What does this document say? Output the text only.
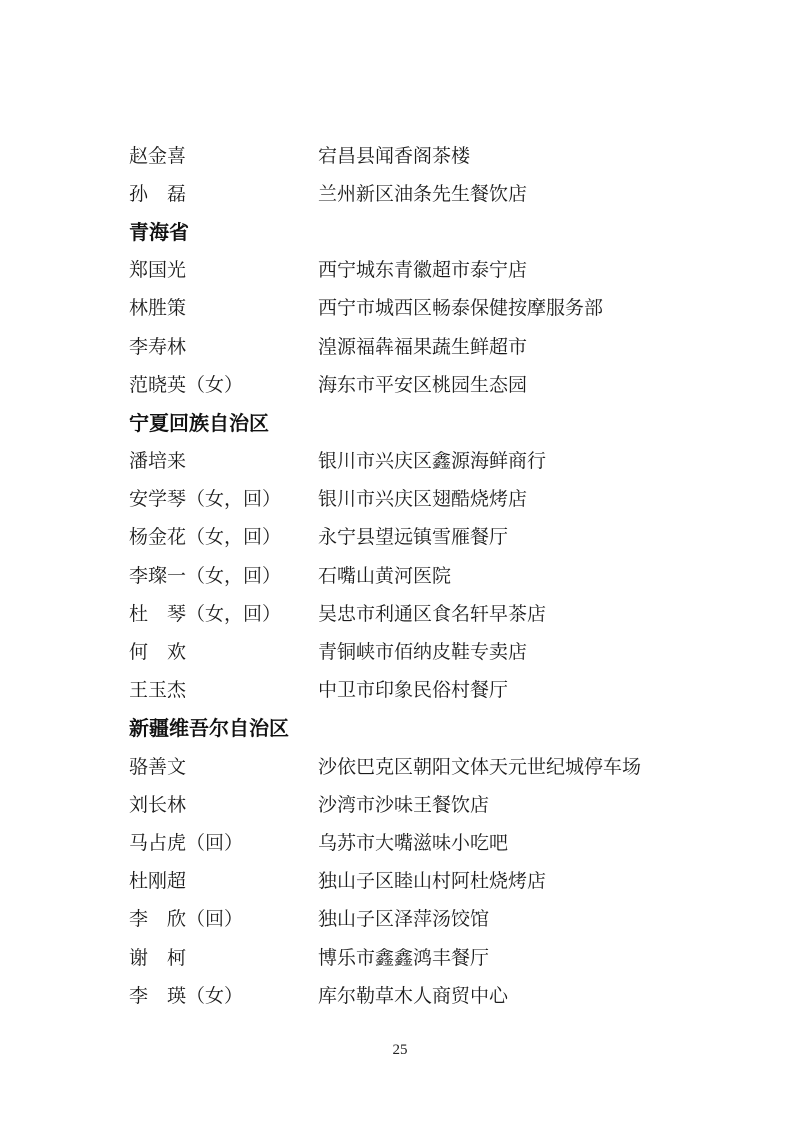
赵金喜	宕昌县闻香阁茶楼
孙　磊	兰州新区油条先生餐饮店
青海省
郑国光	西宁城东青徽超市泰宁店
林胜策	西宁市城西区畅泰保健按摩服务部
李寿林	湟源福犇福果蔬生鲜超市
范晓英（女）	海东市平安区桃园生态园
宁夏回族自治区
潘培来	银川市兴庆区鑫源海鲜商行
安学琴（女，回）	银川市兴庆区翅酷烧烤店
杨金花（女，回）	永宁县望远镇雪雁餐厅
李璨一（女，回）	石嘴山黄河医院
杜　琴（女，回）	吴忠市利通区食名轩早茶店
何　欢	青铜峡市佰纳皮鞋专卖店
王玉杰	中卫市印象民俗村餐厅
新疆维吾尔自治区
骆善文	沙依巴克区朝阳文体天元世纪城停车场
刘长林	沙湾市沙味王餐饮店
马占虎（回）	乌苏市大嘴滋味小吃吧
杜刚超	独山子区睦山村阿杜烧烤店
李　欣（回）	独山子区泽萍汤饺馆
谢　柯	博乐市鑫鑫鸿丰餐厅
李　瑛（女）	库尔勒草木人商贸中心
25
